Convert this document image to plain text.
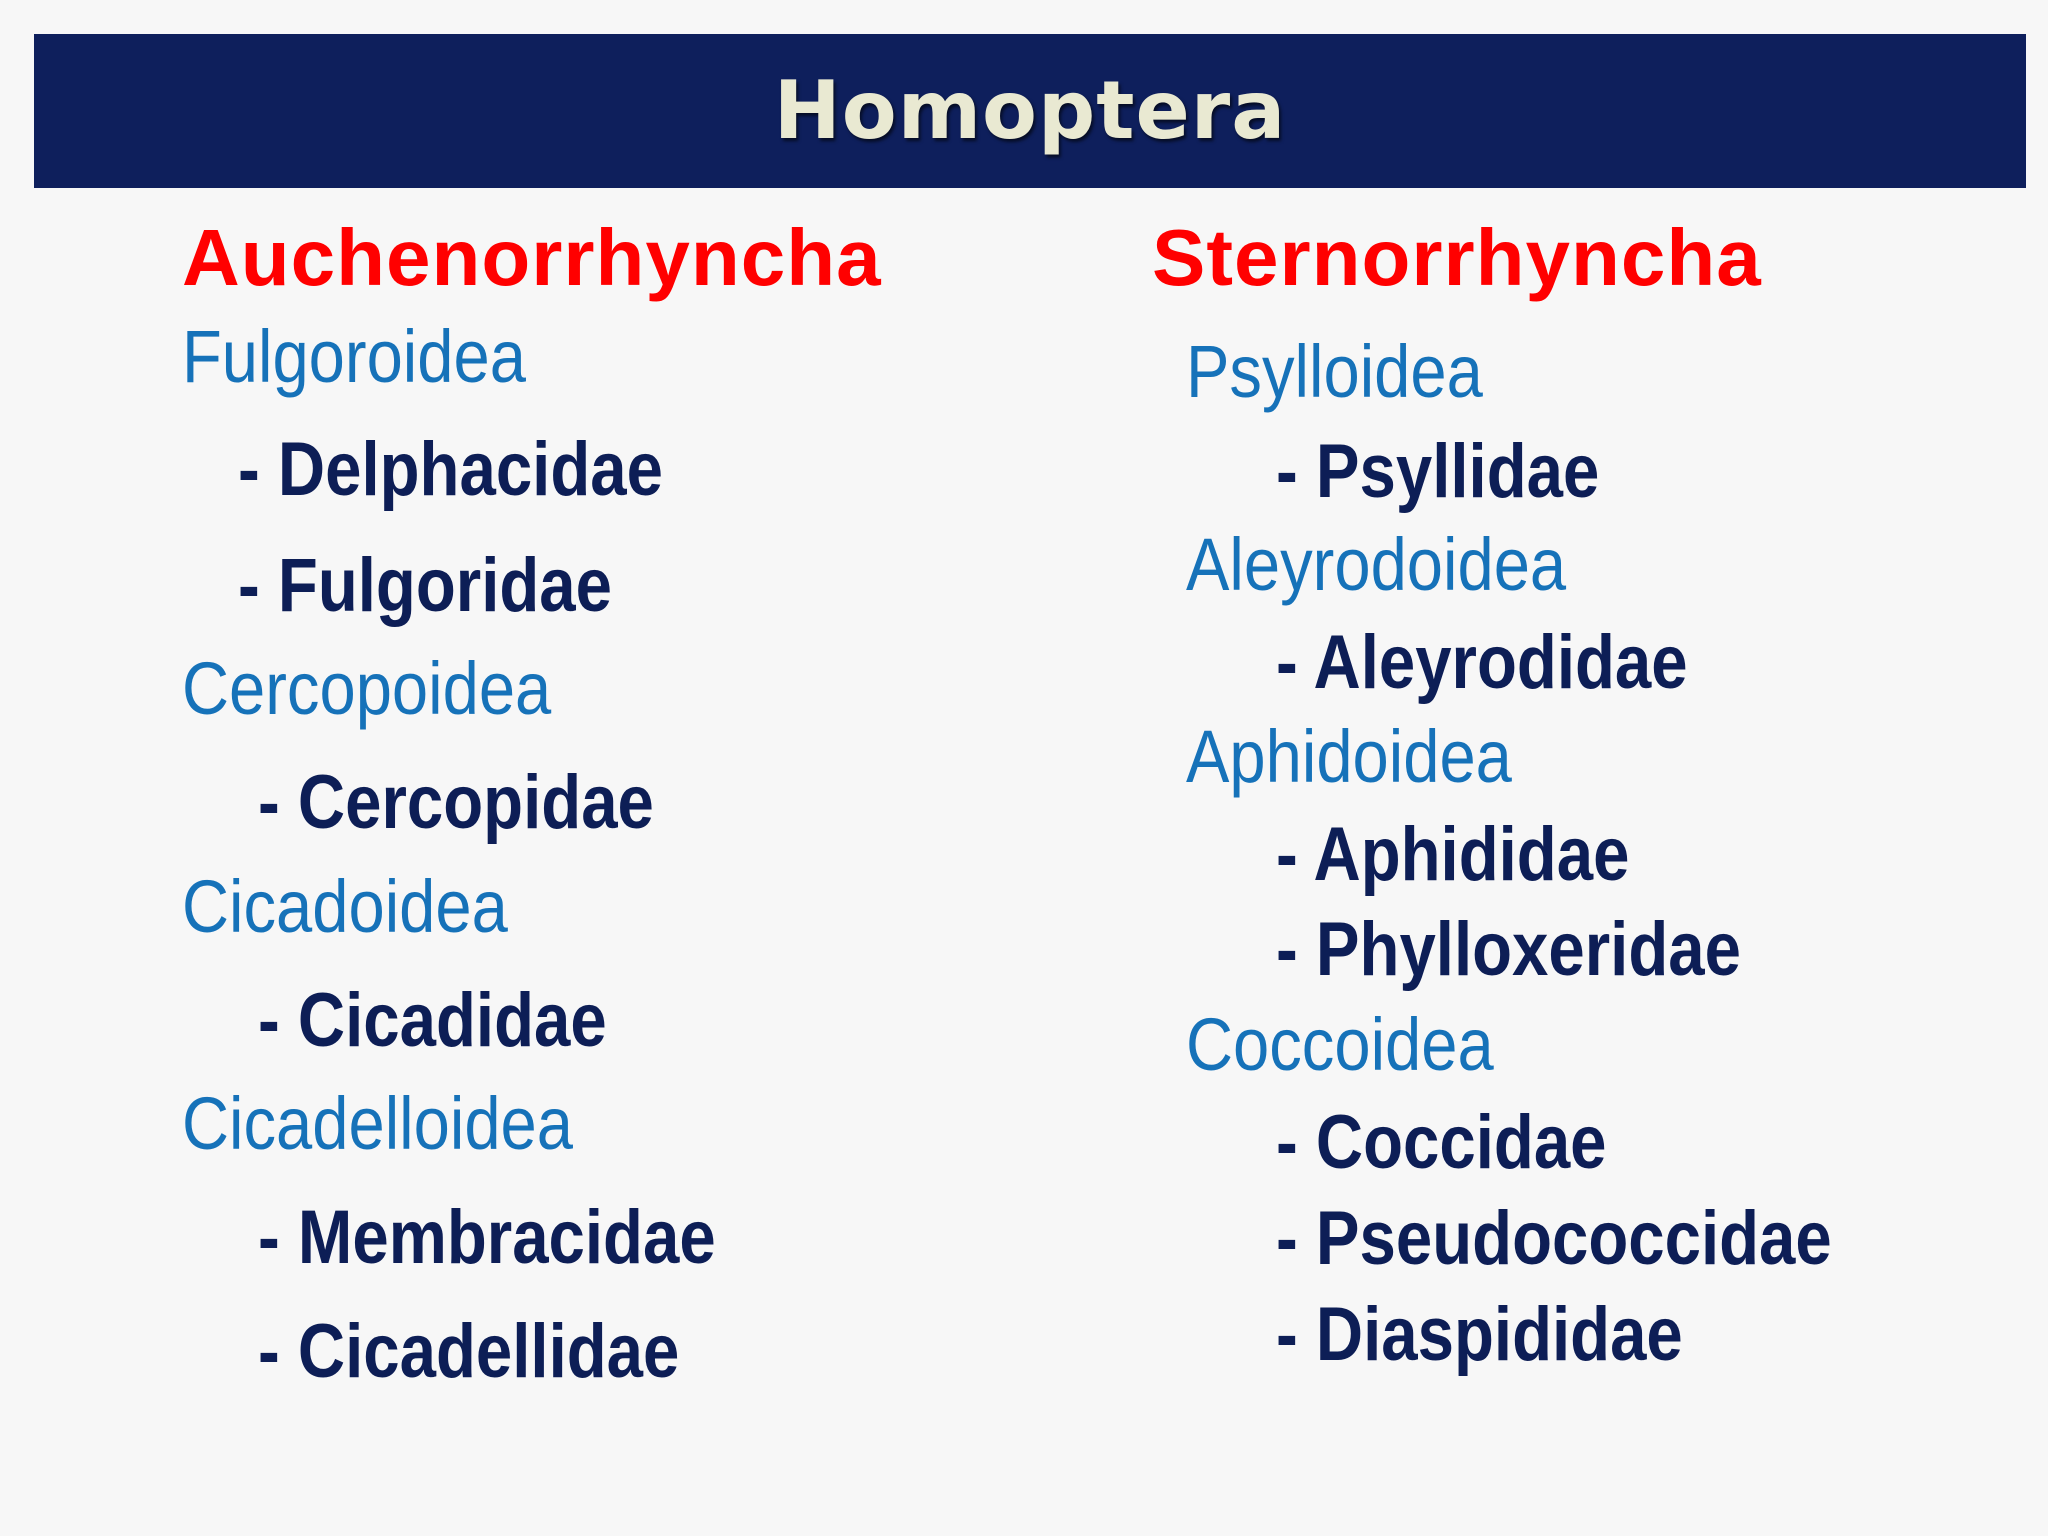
Homoptera
Auchenorrhyncha
Fulgoroidea
- Delphacidae
- Fulgoridae
Cercopoidea
- Cercopidae
Cicadoidea
- Cicadidae
Cicadelloidea
- Membracidae
- Cicadellidae
Sternorrhyncha
Psylloidea
- Psyllidae
Aleyrodoidea
- Aleyrodidae
Aphidoidea
- Aphididae
- Phylloxeridae
Coccoidea
- Coccidae
- Pseudococcidae
- Diaspididae
